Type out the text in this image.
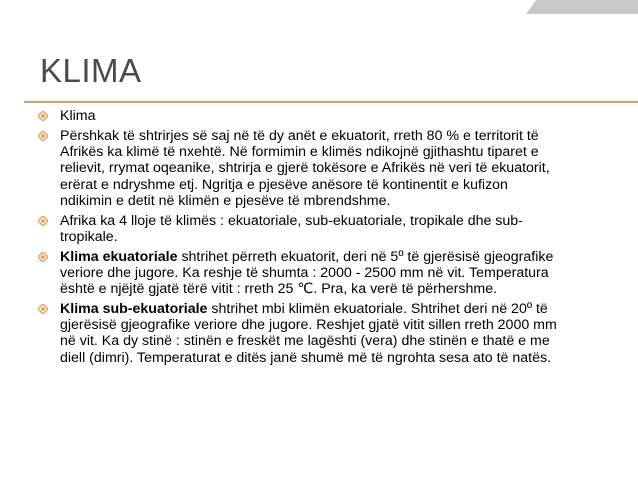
KLIMA
Klima
Përshkak të shtrirjes së saj në të dy anët e ekuatorit, rreth 80 % e territorit të Afrikës ka klimë të nxehtë. Në formimin e klimës ndikojnë gjithashtu tiparet e relievit, rrymat oqeanike, shtrirja e gjerë tokësore e Afrikës në veri të ekuatorit, erërat e ndryshme etj. Ngritja e pjesëve anësore të kontinentit e kufizon ndikimin e detit në klimën e pjesëve të mbrendshme.
Afrika ka 4 lloje të klimës : ekuatoriale, sub-ekuatoriale, tropikale dhe sub-tropikale.
Klima ekuatoriale shtrihet përreth ekuatorit, deri në 5º të gjerësisë gjeografike veriore dhe jugore. Ka reshje të shumta : 2000 - 2500 mm në vit. Temperatura është e njëjtë gjatë tërë vitit : rreth 25 ℃. Pra, ka verë të përhershme.
Klima sub-ekuatoriale shtrihet mbi klimën ekuatoriale. Shtrihet deri në 20º të gjerësisë gjeografike veriore dhe jugore. Reshjet gjatë vitit sillen rreth 2000 mm në vit. Ka dy stinë : stinën e freskët me lagështi (vera) dhe stinën e thatë e me diell (dimri). Temperaturat e ditës janë shumë më të ngrohta sesa ato të natës.
